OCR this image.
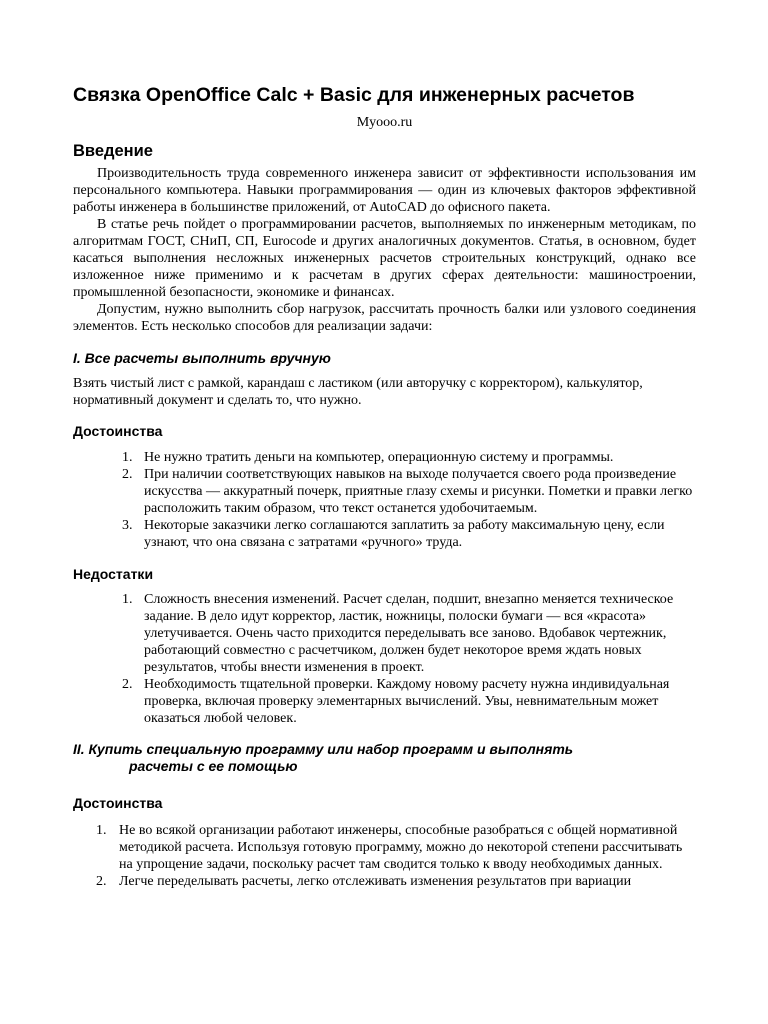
Связка OpenOffice Calc + Basic для инженерных расчетов

Myooo.ru

Введение

Производительность труда современного инженера зависит от эффективности использования им персонального компьютера. Навыки программирования — один из ключевых факторов эффективной работы инженера в большинстве приложений, от AutoCAD до офисного пакета.

В статье речь пойдет о программировании расчетов, выполняемых по инженерным методикам, по алгоритмам ГОСТ, СНиП, СП, Eurocode и других аналогичных документов. Статья, в основном, будет касаться выполнения несложных инженерных расчетов строительных конструкций, однако все изложенное ниже применимо и к расчетам в других сферах деятельности: машиностроении, промышленной безопасности, экономике и финансах.

Допустим, нужно выполнить сбор нагрузок, рассчитать прочность балки или узлового соединения элементов. Есть несколько способов для реализации задачи:

I. Все расчеты выполнить вручную

Взять чистый лист с рамкой, карандаш с ластиком (или авторучку с корректором), калькулятор, нормативный документ и сделать то, что нужно.

Достоинства
1. Не нужно тратить деньги на компьютер, операционную систему и программы.
2. При наличии соответствующих навыков на выходе получается своего рода произведение искусства — аккуратный почерк, приятные глазу схемы и рисунки. Пометки и правки легко расположить таким образом, что текст останется удобочитаемым.
3. Некоторые заказчики легко соглашаются заплатить за работу максимальную цену, если узнают, что она связана с затратами «ручного» труда.
Недостатки
1. Сложность внесения изменений. Расчет сделан, подшит, внезапно меняется техническое задание. В дело идут корректор, ластик, ножницы, полоски бумаги — вся «красота» улетучивается. Очень часто приходится переделывать все заново. Вдобавок чертежник, работающий совместно с расчетчиком, должен будет некоторое время ждать новых результатов, чтобы внести изменения в проект.
2. Необходимость тщательной проверки. Каждому новому расчету нужна индивидуальная проверка, включая проверку элементарных вычислений. Увы, невнимательным может оказаться любой человек.
II. Купить специальную программу или набор программ и выполнять
расчеты с ее помощью
Достоинства
1. Не во всякой организации работают инженеры, способные разобраться с общей нормативной методикой расчета. Используя готовую программу, можно до некоторой степени рассчитывать на упрощение задачи, поскольку расчет там сводится только к вводу необходимых данных.
2. Легче переделывать расчеты, легко отслеживать изменения результатов при вариации
